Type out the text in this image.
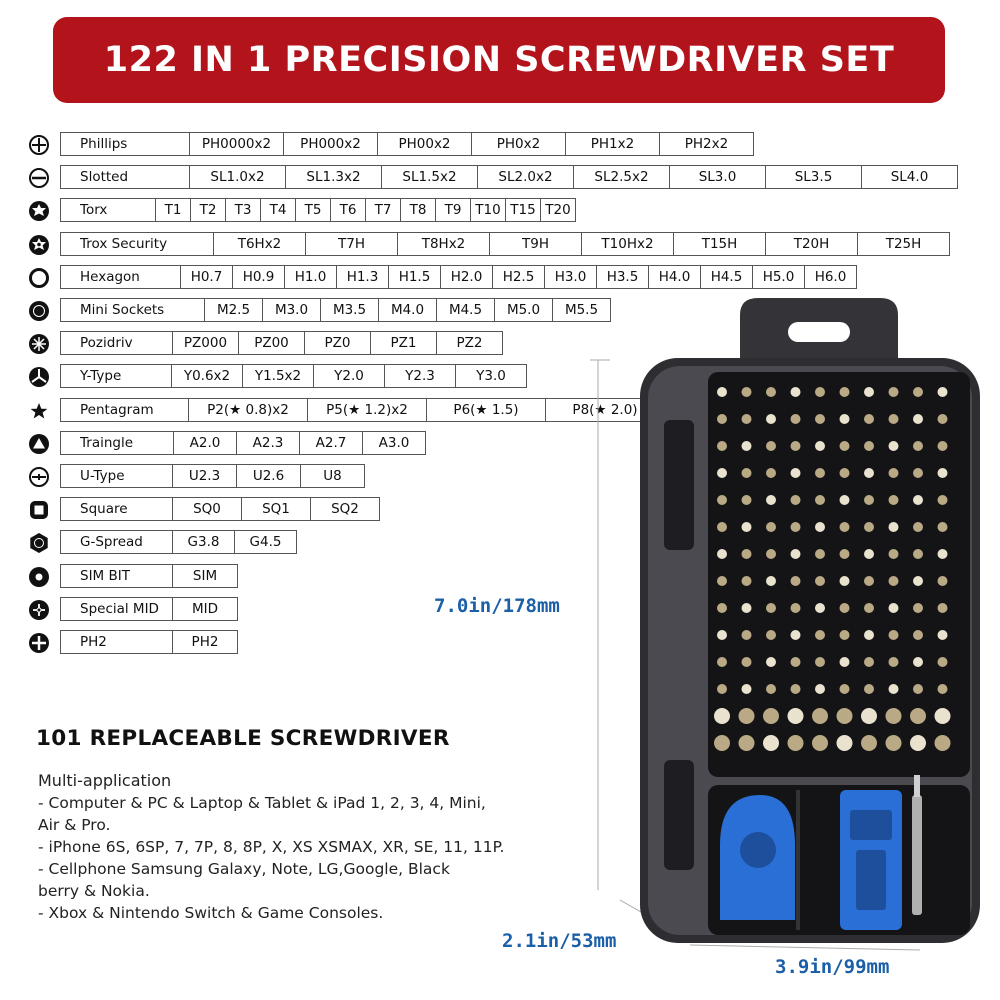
122 IN 1 PRECISION SCREWDRIVER SET
Phillips	PH0000x2	PH000x2	PH00x2	PH0x2	PH1x2	PH2x2
Slotted	SL1.0x2	SL1.3x2	SL1.5x2	SL2.0x2	SL2.5x2	SL3.0	SL3.5	SL4.0
Torx	T1	T2	T3	T4	T5	T6	T7	T8	T9	T10 T15 T20
Trox Security	T6Hx2	T7H	T8Hx2	T9H	T10Hx2	T15H	T20H	T25H
Hexagon	H0.7	H0.9	H1.0	H1.3	H1.5	H2.0	H2.5	H3.0	H3.5	H4.0	H4.5	H5.0	H6.0
Mini Sockets	M2.5	M3.0	M3.5	M4.0	M4.5	M5.0	M5.5
Pozidriv	PZ000	PZ00	PZ0	PZ1	PZ2
Y-Type	Y0.6x2	Y1.5x2	Y2.0	Y2.3	Y3.0
Pentagram	P2(★ 0.8)x2	P5(★ 1.2)x2	P6(★ 1.5)	P8(★ 2.0)
Traingle	A2.0	A2.3	A2.7	A3.0
U-Type	U2.3	U2.6	U8
Square	SQ0	SQ1	SQ2
G-Spread	G3.8	G4.5
SIM BIT	SIM
Special MID	MID
PH2	PH2
101 REPLACEABLE SCREWDRIVER
Multi-application
- Computer & PC & Laptop & Tablet & iPad 1, 2, 3, 4, Mini,
Air & Pro.
- iPhone 6S, 6SP, 7, 7P, 8, 8P, X, XS XSMAX, XR, SE, 11, 11P.
- Cellphone Samsung Galaxy, Note, LG,Google, Black
berry & Nokia.
- Xbox & Nintendo Switch & Game Consoles.
7.0in/178mm
2.1in/53mm
3.9in/99mm
